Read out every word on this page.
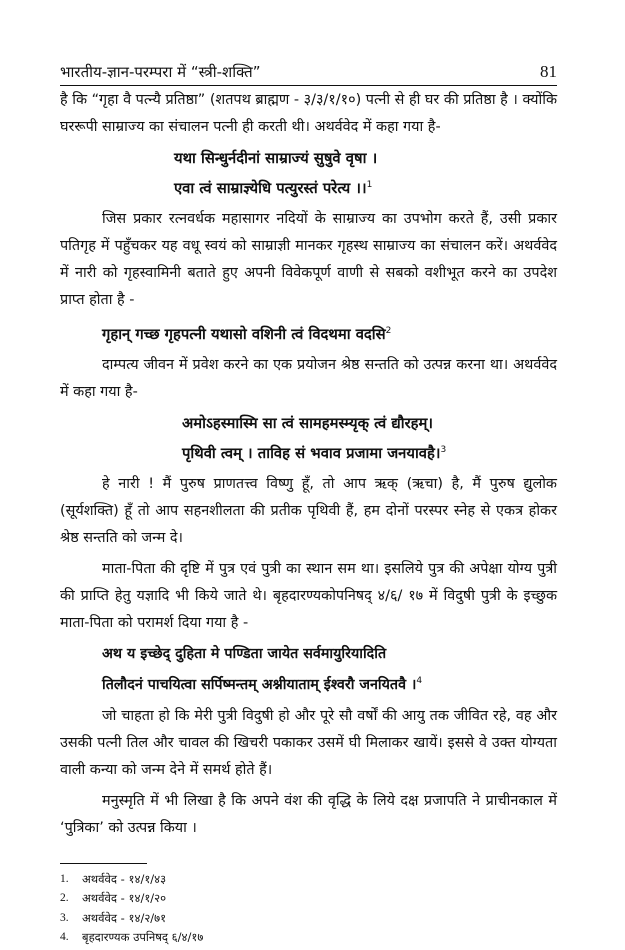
भारतीय-ज्ञान-परम्परा में “स्त्री-शक्ति”	81

है कि “गृहा वै पत्न्यै प्रतिष्ठा” (शतपथ ब्राह्मण - ३/३/१/१०) पत्नी से ही घर की प्रतिष्ठा है । क्योंकि घररूपी साम्राज्य का संचालन पत्नी ही करती थी। अथर्ववेद में कहा गया है-

यथा सिन्धुर्नदीनां साम्राज्यं सुषुवे वृषा ।
एवा त्वं साम्राज्ञ्येधि पत्युरस्तं परेत्य ।।$^1$

जिस प्रकार रत्नवर्धक महासागर नदियों के साम्राज्य का उपभोग करते हैं, उसी प्रकार पतिगृह में पहुँचकर यह वधू स्वयं को साम्राज्ञी मानकर गृहस्थ साम्राज्य का संचालन करें। अथर्ववेद में नारी को गृहस्वामिनी बताते हुए अपनी विवेकपूर्ण वाणी से सबको वशीभूत करने का उपदेश प्राप्त होता है -

गृहान् गच्छ गृहपत्नी यथासो वशिनी त्वं विदथमा वदसि$^2$

दाम्पत्य जीवन में प्रवेश करने का एक प्रयोजन श्रेष्ठ सन्तति को उत्पन्न करना था। अथर्ववेद में कहा गया है-

अमोऽहस्मास्मि सा त्वं सामहमस्म्यृक् त्वं द्यौरहम्।
पृथिवी त्वम् । ताविह सं भवाव प्रजामा जनयावहै।$^3$

हे नारी ! मैं पुरुष प्राणतत्त्व विष्णु हूँ, तो आप ऋक् (ऋचा) है, मैं पुरुष द्युलोक (सूर्यशक्ति) हूँ तो आप सहनशीलता की प्रतीक पृथिवी हैं, हम दोनों परस्पर स्नेह से एकत्र होकर श्रेष्ठ सन्तति को जन्म दे।

माता-पिता की दृष्टि में पुत्र एवं पुत्री का स्थान सम था। इसलिये पुत्र की अपेक्षा योग्य पुत्री की प्राप्ति हेतु यज्ञादि भी किये जाते थे। बृहदारण्यकोपनिषद् ४/६/ १७ में विदुषी पुत्री के इच्छुक माता-पिता को परामर्श दिया गया है -

अथ य इच्छेद् दुहिता मे पण्डिता जायेत सर्वमायुरियादिति
तिलौदनं पाचयित्वा सर्पिष्मन्तम् अश्नीयाताम् ईश्वरौ जनयितवै ।$^4$

जो चाहता हो कि मेरी पुत्री विदुषी हो और पूरे सौ वर्षों की आयु तक जीवित रहे, वह और उसकी पत्नी तिल और चावल की खिचरी पकाकर उसमें घी मिलाकर खायें। इससे वे उक्त योग्यता वाली कन्या को जन्म देने में समर्थ होते हैं।

मनुस्मृति में भी लिखा है कि अपने वंश की वृद्धि के लिये दक्ष प्रजापति ने प्राचीनकाल में ‘पुत्रिका’ को उत्पन्न किया ।

1.	अथर्ववेद - १४/१/४३
2.	अथर्ववेद - १४/१/२०
3.	अथर्ववेद - १४/२/७१
4.	बृहदारण्यक उपनिषद् ६/४/१७
